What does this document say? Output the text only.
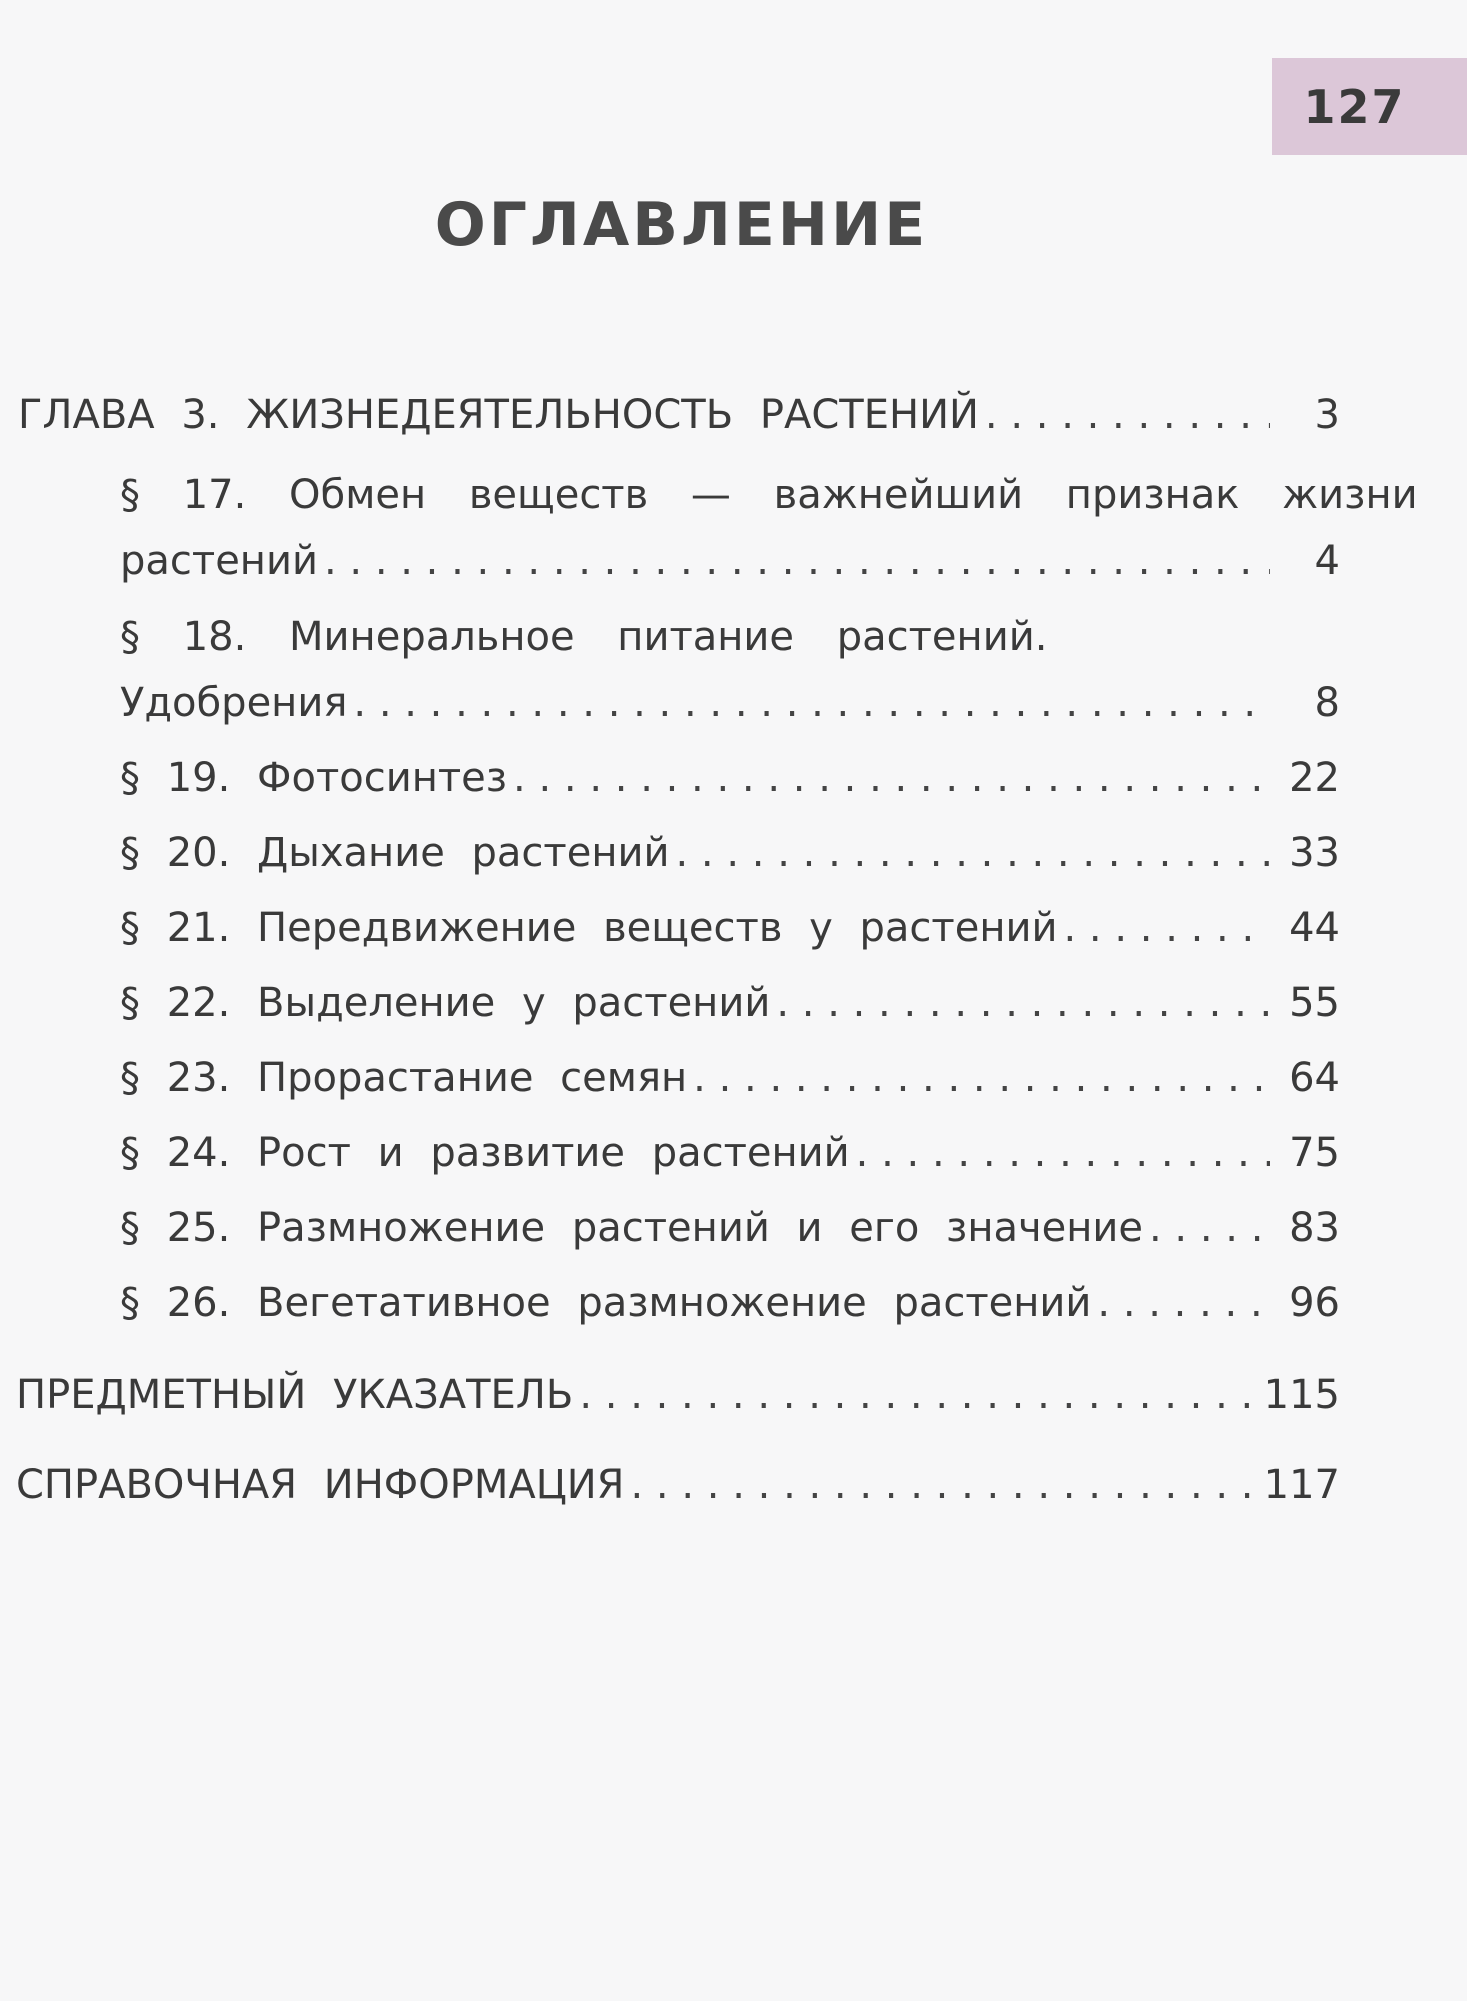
127
ОГЛАВЛЕНИЕ
ГЛАВА 3. ЖИЗНЕДЕЯТЕЛЬНОСТЬ РАСТЕНИЙ . . .	3
§ 17. Обмен веществ — важнейший признак жизни
растений . . .	4
§ 18. Минеральное питание растений.
Удобрения . . .	8
§ 19. Фотосинтез . . .	22
§ 20. Дыхание растений . . .	33
§ 21. Передвижение веществ у растений . . .	44
§ 22. Выделение у растений . . .	55
§ 23. Прорастание семян . . .	64
§ 24. Рост и развитие растений . . .	75
§ 25. Размножение растений и его значение . . .	83
§ 26. Вегетативное размножение растений . . .	96
ПРЕДМЕТНЫЙ УКАЗАТЕЛЬ . . .	115
СПРАВОЧНАЯ ИНФОРМАЦИЯ . . .	117
